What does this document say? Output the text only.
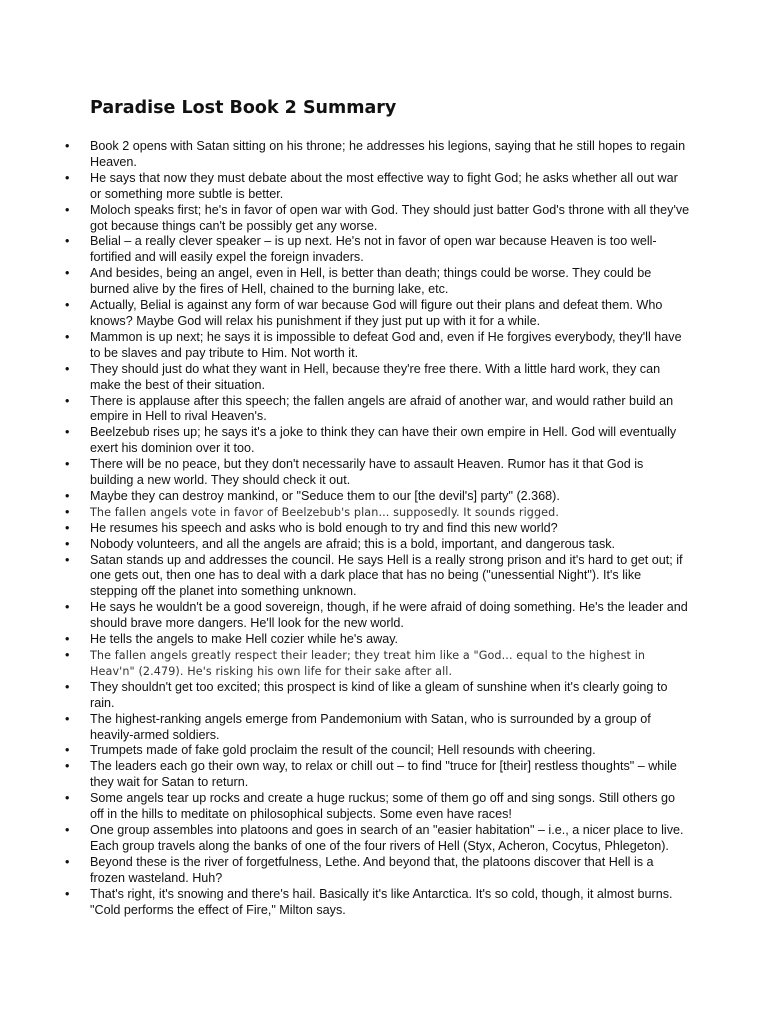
Paradise Lost Book 2 Summary
• Book 2 opens with Satan sitting on his throne; he addresses his legions, saying that he still hopes to regain Heaven.
• He says that now they must debate about the most effective way to fight God; he asks whether all out war or something more subtle is better.
• Moloch speaks first; he's in favor of open war with God. They should just batter God's throne with all they've got because things can't be possibly get any worse.
• Belial – a really clever speaker – is up next. He's not in favor of open war because Heaven is too well-fortified and will easily expel the foreign invaders.
• And besides, being an angel, even in Hell, is better than death; things could be worse. They could be burned alive by the fires of Hell, chained to the burning lake, etc.
• Actually, Belial is against any form of war because God will figure out their plans and defeat them. Who knows? Maybe God will relax his punishment if they just put up with it for a while.
• Mammon is up next; he says it is impossible to defeat God and, even if He forgives everybody, they'll have to be slaves and pay tribute to Him. Not worth it.
• They should just do what they want in Hell, because they're free there. With a little hard work, they can make the best of their situation.
• There is applause after this speech; the fallen angels are afraid of another war, and would rather build an empire in Hell to rival Heaven's.
• Beelzebub rises up; he says it's a joke to think they can have their own empire in Hell. God will eventually exert his dominion over it too.
• There will be no peace, but they don't necessarily have to assault Heaven. Rumor has it that God is building a new world. They should check it out.
• Maybe they can destroy mankind, or "Seduce them to our [the devil's] party" (2.368).
• The fallen angels vote in favor of Beelzebub's plan... supposedly. It sounds rigged.
• He resumes his speech and asks who is bold enough to try and find this new world?
• Nobody volunteers, and all the angels are afraid; this is a bold, important, and dangerous task.
• Satan stands up and addresses the council. He says Hell is a really strong prison and it's hard to get out; if one gets out, then one has to deal with a dark place that has no being ("unessential Night"). It's like stepping off the planet into something unknown.
• He says he wouldn't be a good sovereign, though, if he were afraid of doing something. He's the leader and should brave more dangers. He'll look for the new world.
• He tells the angels to make Hell cozier while he's away.
• The fallen angels greatly respect their leader; they treat him like a "God... equal to the highest in Heav'n" (2.479). He's risking his own life for their sake after all.
• They shouldn't get too excited; this prospect is kind of like a gleam of sunshine when it's clearly going to rain.
• The highest-ranking angels emerge from Pandemonium with Satan, who is surrounded by a group of heavily-armed soldiers.
• Trumpets made of fake gold proclaim the result of the council; Hell resounds with cheering.
• The leaders each go their own way, to relax or chill out – to find "truce for [their] restless thoughts" – while they wait for Satan to return.
• Some angels tear up rocks and create a huge ruckus; some of them go off and sing songs. Still others go off in the hills to meditate on philosophical subjects. Some even have races!
• One group assembles into platoons and goes in search of an "easier habitation" – i.e., a nicer place to live. Each group travels along the banks of one of the four rivers of Hell (Styx, Acheron, Cocytus, Phlegeton).
• Beyond these is the river of forgetfulness, Lethe. And beyond that, the platoons discover that Hell is a frozen wasteland. Huh?
• That's right, it's snowing and there's hail. Basically it's like Antarctica. It's so cold, though, it almost burns. "Cold performs the effect of Fire," Milton says.
